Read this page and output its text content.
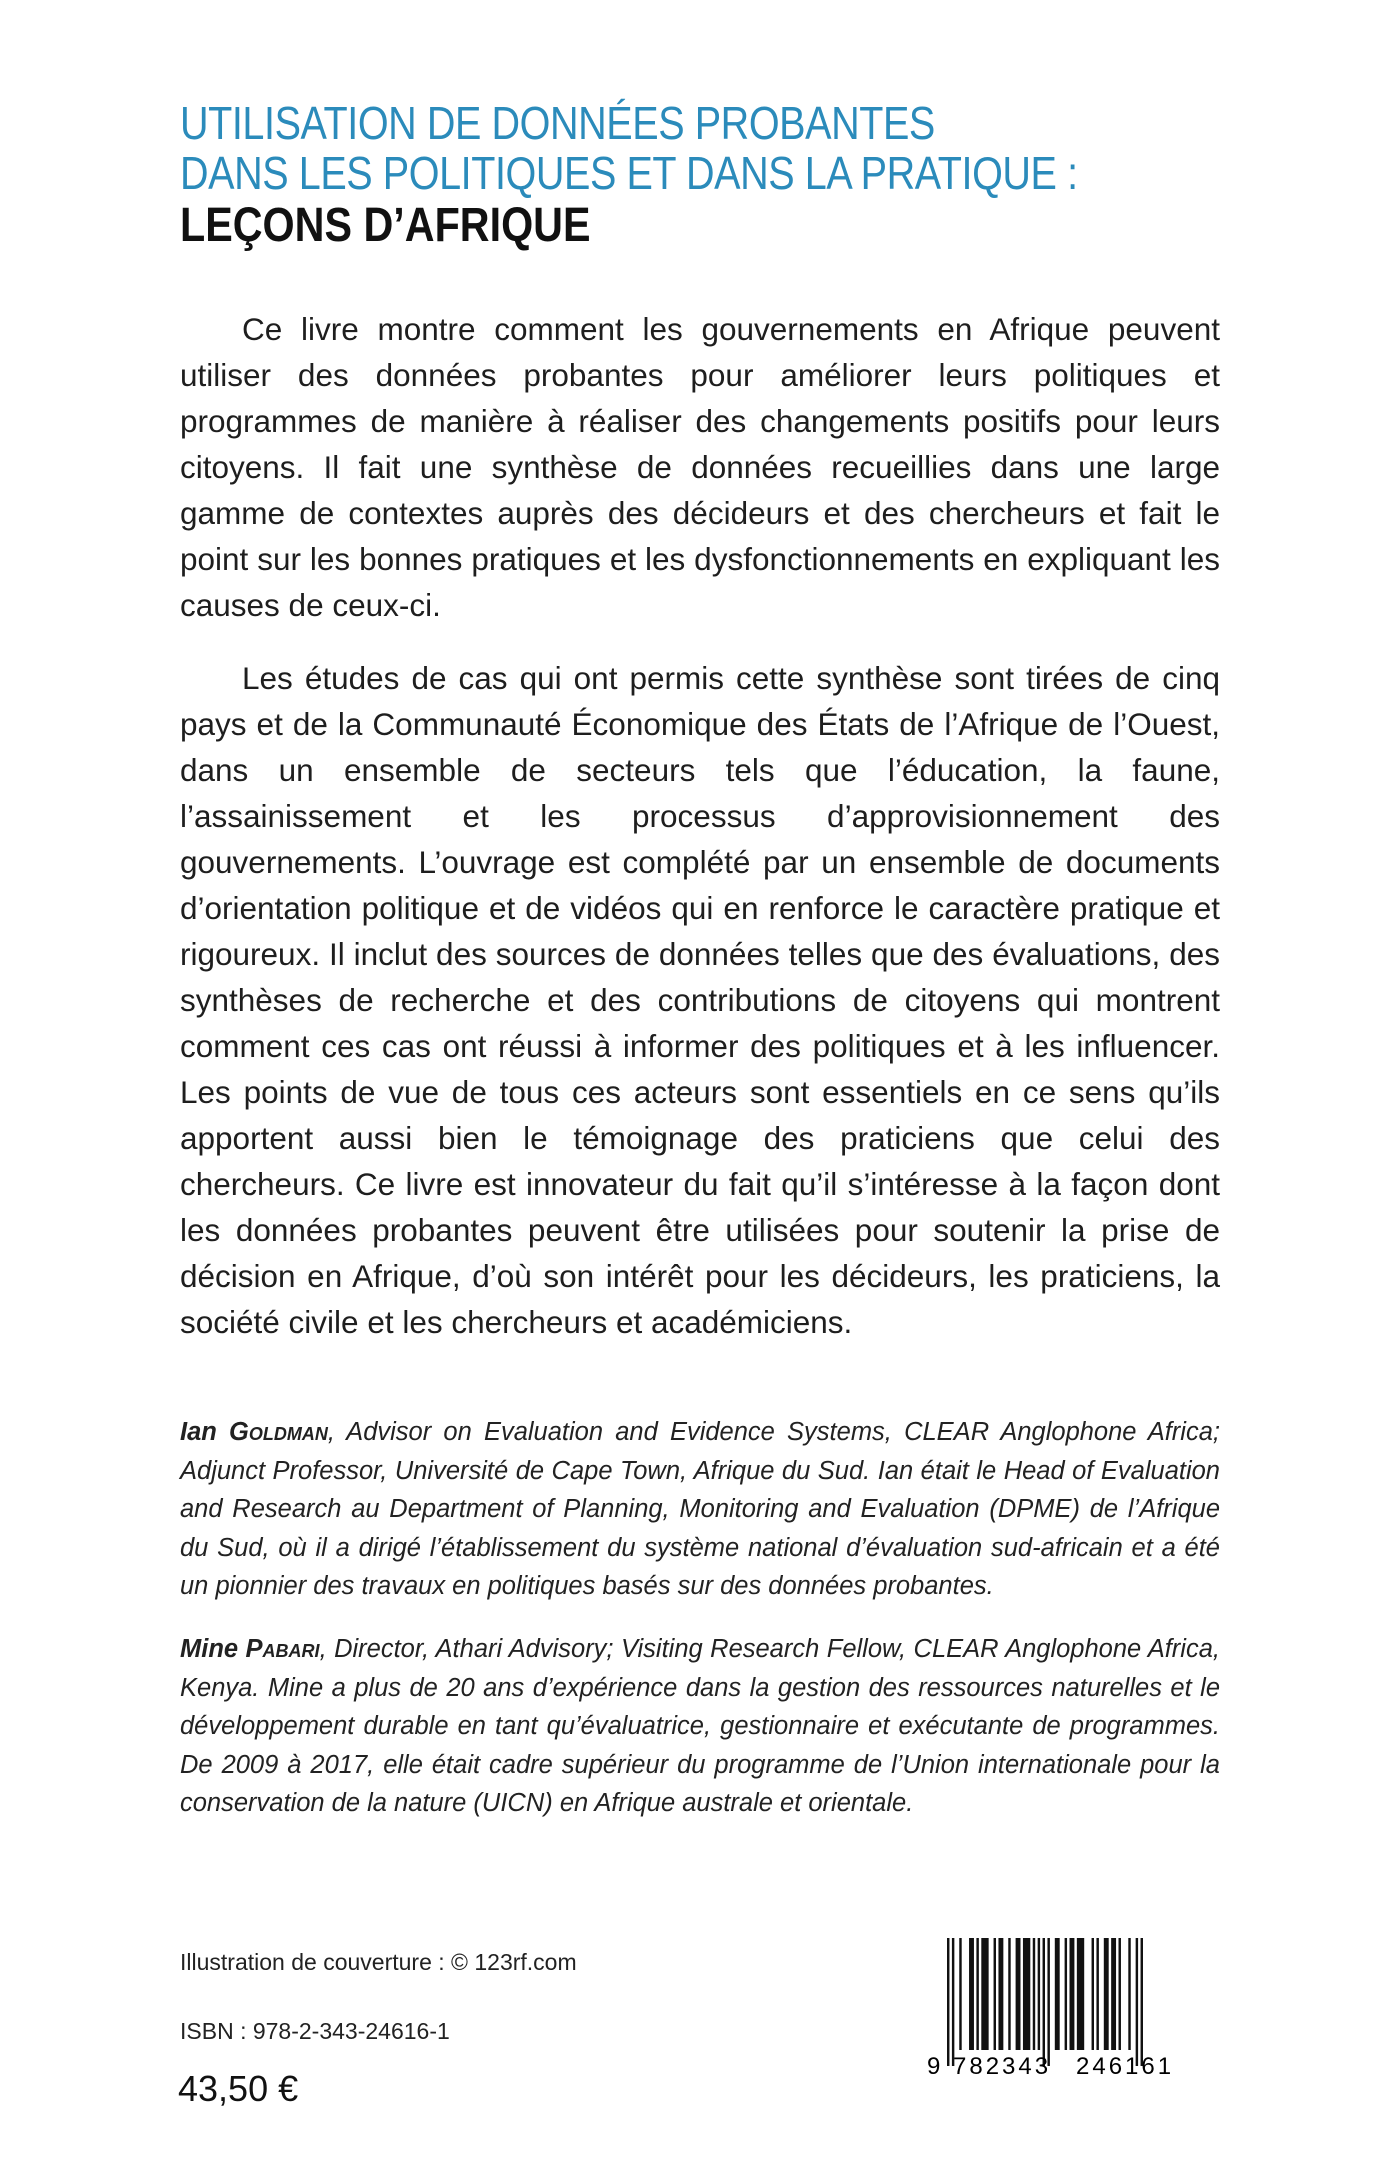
UTILISATION DE DONNÉES PROBANTES
DANS LES POLITIQUES ET DANS LA PRATIQUE :
LEÇONS D’AFRIQUE

Ce livre montre comment les gouvernements en Afrique peuvent utiliser des données probantes pour améliorer leurs politiques et programmes de manière à réaliser des changements positifs pour leurs citoyens. Il fait une synthèse de données recueillies dans une large gamme de contextes auprès des décideurs et des chercheurs et fait le point sur les bonnes pratiques et les dysfonctionnements en expliquant les causes de ceux-ci.

Les études de cas qui ont permis cette synthèse sont tirées de cinq pays et de la Communauté Économique des États de l’Afrique de l’Ouest, dans un ensemble de secteurs tels que l’éducation, la faune, l’assainissement et les processus d’approvisionnement des gouvernements. L’ouvrage est complété par un ensemble de documents d’orientation politique et de vidéos qui en renforce le caractère pratique et rigoureux. Il inclut des sources de données telles que des évaluations, des synthèses de recherche et des contributions de citoyens qui montrent comment ces cas ont réussi à informer des politiques et à les influencer. Les points de vue de tous ces acteurs sont essentiels en ce sens qu’ils apportent aussi bien le témoignage des praticiens que celui des chercheurs. Ce livre est innovateur du fait qu’il s’intéresse à la façon dont les données probantes peuvent être utilisées pour soutenir la prise de décision en Afrique, d’où son intérêt pour les décideurs, les praticiens, la société civile et les chercheurs et académiciens.

Ian Goldman, Advisor on Evaluation and Evidence Systems, CLEAR Anglophone Africa; Adjunct Professor, Université de Cape Town, Afrique du Sud. Ian était le Head of Evaluation and Research au Department of Planning, Monitoring and Evaluation (DPME) de l’Afrique du Sud, où il a dirigé l’établissement du système national d’évaluation sud-africain et a été un pionnier des travaux en politiques basés sur des données probantes.
Mine Pabari, Director, Athari Advisory; Visiting Research Fellow, CLEAR Anglophone Africa, Kenya. Mine a plus de 20 ans d’expérience dans la gestion des ressources naturelles et le développement durable en tant qu’évaluatrice, gestionnaire et exécutante de programmes. De 2009 à 2017, elle était cadre supérieur du programme de l’Union internationale pour la conservation de la nature (UICN) en Afrique australe et orientale.
Illustration de couverture : © 123rf.com
ISBN : 978-2-343-24616-1
43,50 €
9 782343 246161
